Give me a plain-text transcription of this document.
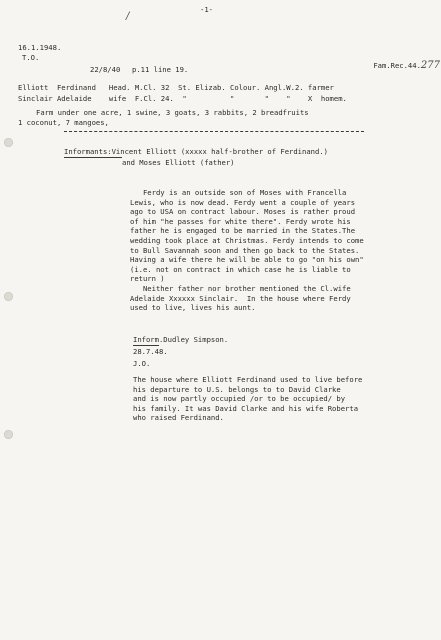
-1-
/
16.1.1948.
T.O.
22/8/40 p.11 line 19.	Fam.Rec.44.277

Elliott  Ferdinand   Head. M.Cl. 32  St. Elizab. Colour. Angl.W.2. farmer
Sinclair Adelaide    wife  F.Cl. 24.  "          "       "    "    X  homem.
Farm under one acre, 1 swine, 3 goats, 3 rabbits, 2 breadfruits
1 coconut, 7 mangoes,
Informants:Vincent Elliott (xxxxx half-brother of Ferdinand.)
and Moses Elliott (father)
Ferdy is an outside son of Moses with Francella
Lewis, who is now dead. Ferdy went a couple of years
ago to USA on contract labour. Moses is rather proud
of him "he passes for white there". Ferdy wrote his
father he is engaged to be married in the States.The
wedding took place at Christmas. Ferdy intends to come
to Bull Savannah soon and then go back to the States.
Having a wife there he will be able to go "on his own"
(i.e. not on contract in which case he is liable to
return )
Neither father nor brother mentioned the Cl.wife
Adelaide Xxxxxx Sinclair.  In the house where Ferdy
used to live, lives his aunt.
Inform.Dudley Simpson.
28.7.48.
J.O.
The house where Elliott Ferdinand used to live before
his departure to U.S. belongs to to David Clarke
and is now partly occupied /or to be occupied/ by
his family. It was David Clarke and his wife Roberta
who raised Ferdinand.
